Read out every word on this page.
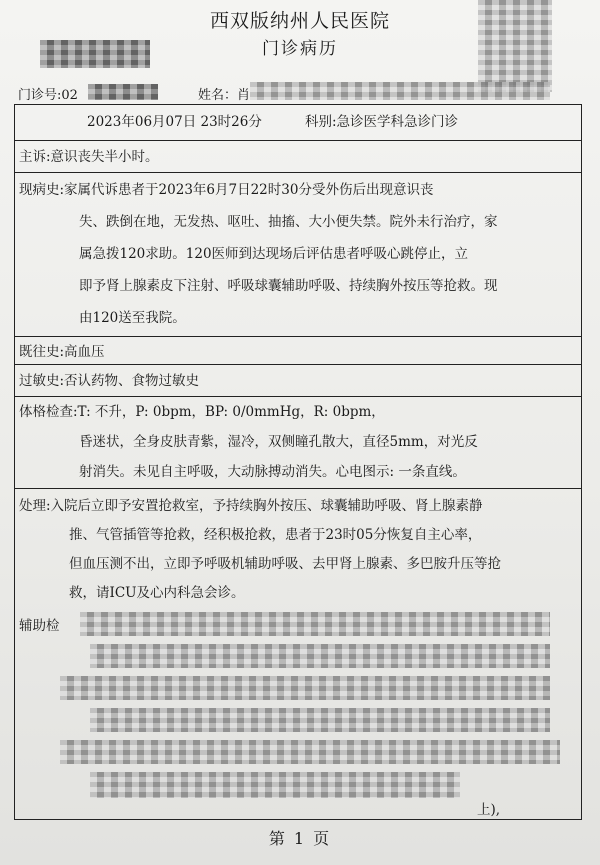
西双版纳州人民医院
门诊病历
门诊号:02	姓名：肖
2023年06月07日 23时26分	科别:急诊医学科急诊门诊
主诉:意识丧失半小时。
现病史:家属代诉患者于2023年6月7日22时30分受外伤后出现意识丧
失、跌倒在地，无发热、呕吐、抽搐、大小便失禁。院外未行治疗，家
属急拨120求助。120医师到达现场后评估患者呼吸心跳停止，立
即予肾上腺素皮下注射、呼吸球囊辅助呼吸、持续胸外按压等抢救。现
由120送至我院。
既往史:高血压
过敏史:否认药物、食物过敏史
体格检查:T: 不升，P: 0bpm，BP: 0/0mmHg，R: 0bpm，
昏迷状，全身皮肤青紫，湿冷，双侧瞳孔散大，直径5mm，对光反
射消失。未见自主呼吸，大动脉搏动消失。心电图示: 一条直线。
处理:入院后立即予安置抢救室，予持续胸外按压、球囊辅助呼吸、肾上腺素静
推、气管插管等抢救，经积极抢救，患者于23时05分恢复自主心率，
但血压测不出，立即予呼吸机辅助呼吸、去甲肾上腺素、多巴胺升压等抢
救，请ICU及心内科急会诊。
辅助检
上),
第 1 页
